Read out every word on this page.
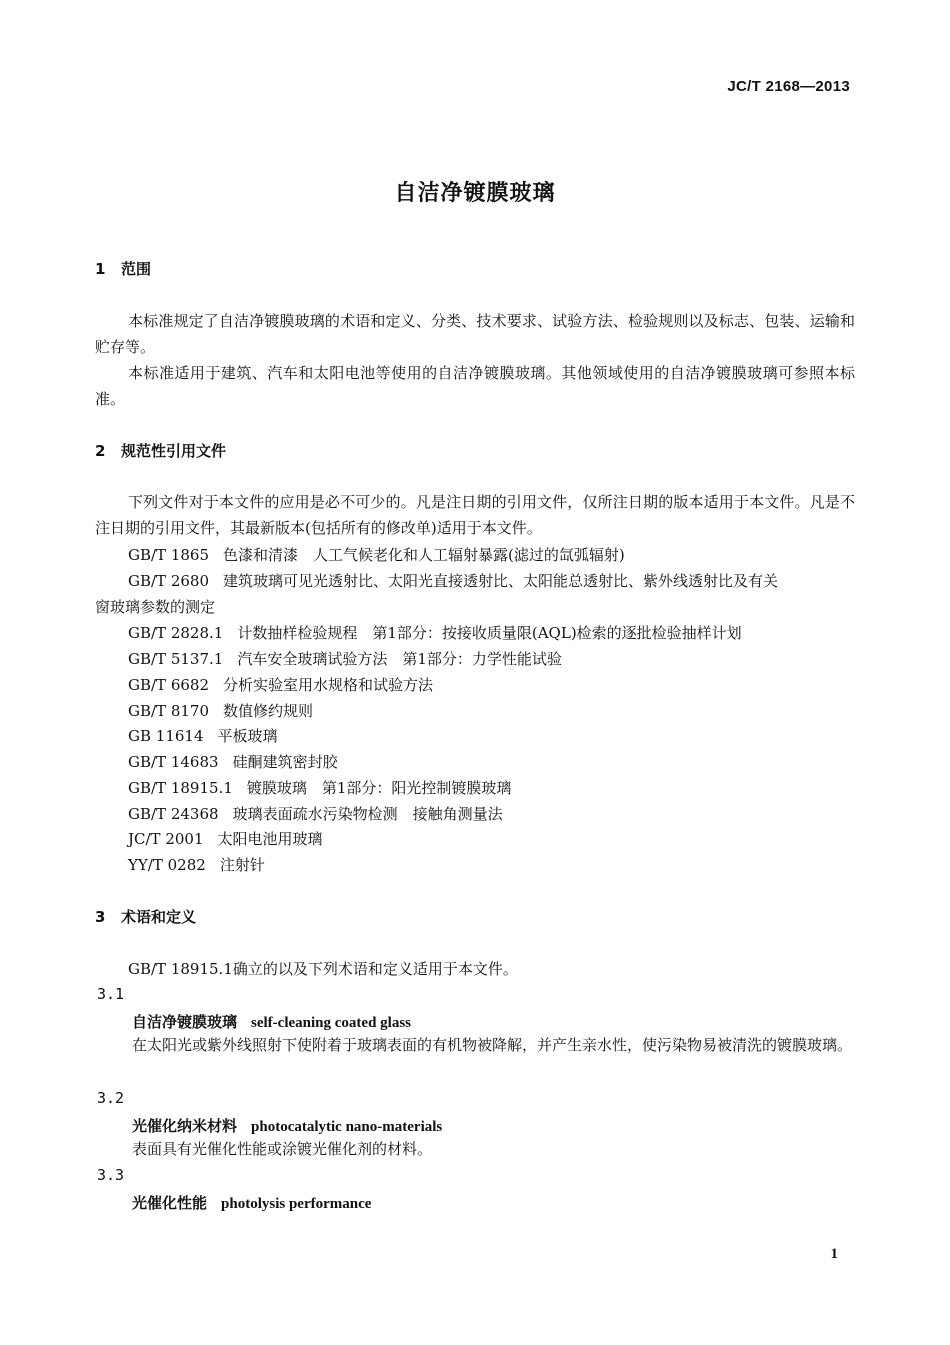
JC/T 2168—2013
自洁净镀膜玻璃
1 范围

本标准规定了自洁净镀膜玻璃的术语和定义、分类、技术要求、试验方法、检验规则以及标志、包装、运输和贮存等。

本标准适用于建筑、汽车和太阳电池等使用的自洁净镀膜玻璃。其他领域使用的自洁净镀膜玻璃可参照本标准。

2 规范性引用文件

下列文件对于本文件的应用是必不可少的。凡是注日期的引用文件，仅所注日期的版本适用于本文件。凡是不注日期的引用文件，其最新版本(包括所有的修改单)适用于本文件。

GB/T 1865 色漆和清漆　人工气候老化和人工辐射暴露(滤过的氙弧辐射)
GB/T 2680 建筑玻璃可见光透射比、太阳光直接透射比、太阳能总透射比、紫外线透射比及有关
窗玻璃参数的测定
GB/T 2828.1 计数抽样检验规程　第1部分：按接收质量限(AQL)检索的逐批检验抽样计划
GB/T 5137.1 汽车安全玻璃试验方法　第1部分：力学性能试验
GB/T 6682 分析实验室用水规格和试验方法
GB/T 8170 数值修约规则
GB 11614 平板玻璃
GB/T 14683 硅酮建筑密封胶
GB/T 18915.1 镀膜玻璃　第1部分：阳光控制镀膜玻璃
GB/T 24368 玻璃表面疏水污染物检测　接触角测量法
JC/T 2001 太阳电池用玻璃
YY/T 0282 注射针
3 术语和定义
GB/T 18915.1确立的以及下列术语和定义适用于本文件。
3.1
自洁净镀膜玻璃 self-cleaning coated glass

在太阳光或紫外线照射下使附着于玻璃表面的有机物被降解，并产生亲水性，使污染物易被清洗的镀膜玻璃。

3.2
光催化纳米材料 photocatalytic nano-materials

表面具有光催化性能或涂镀光催化剂的材料。

3.3
光催化性能 photolysis performance
1
